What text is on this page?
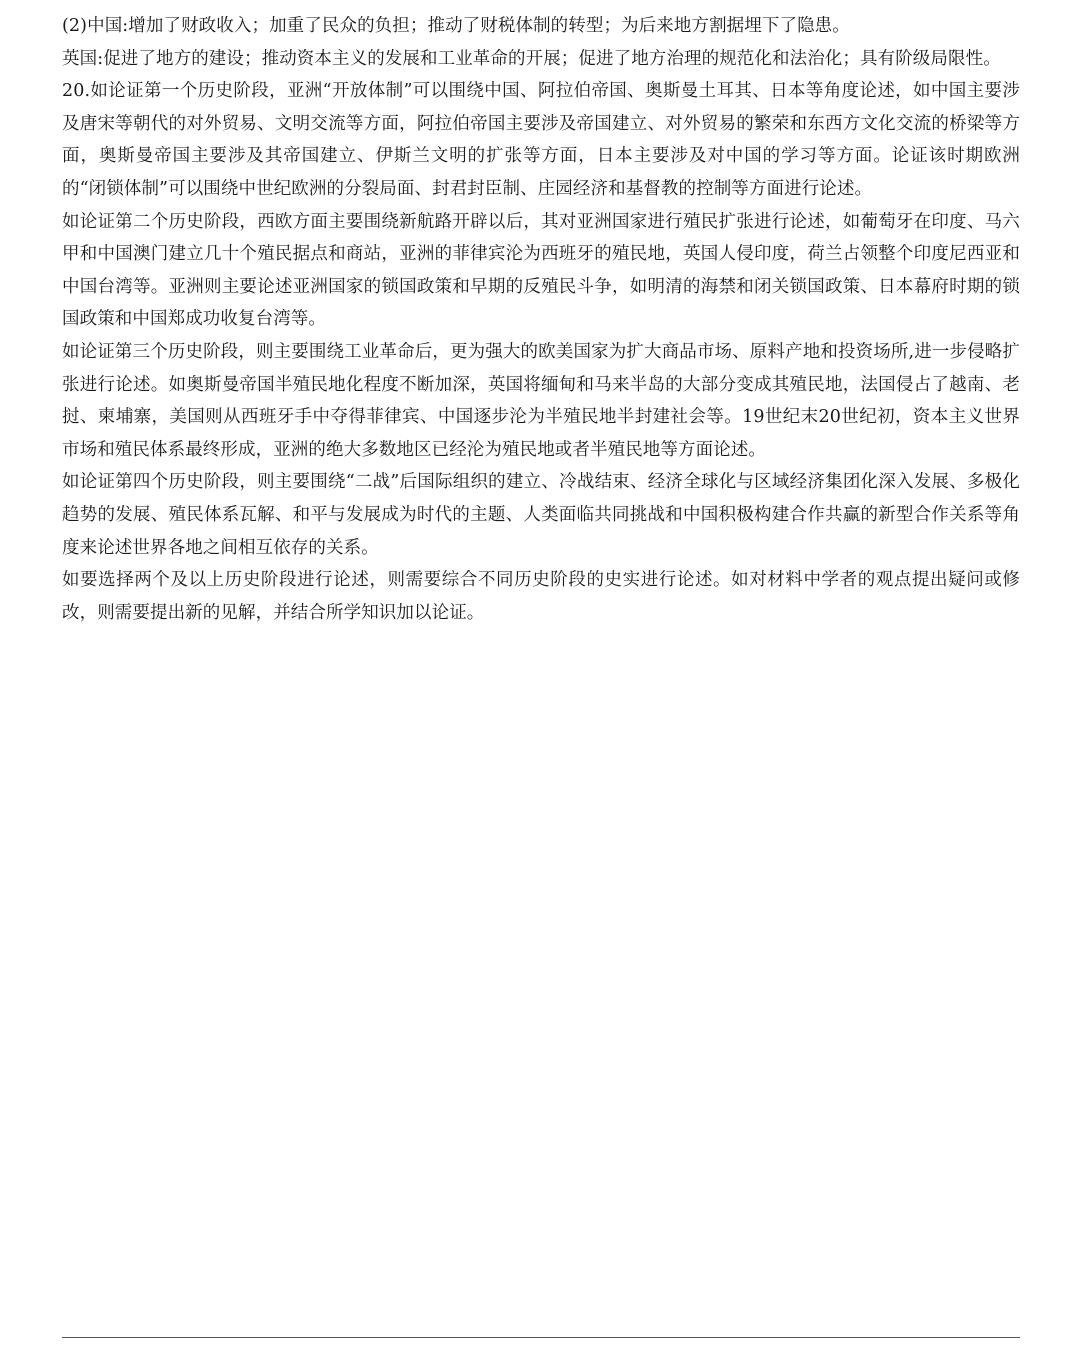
(2)中国:增加了财政收入；加重了民众的负担；推动了财税体制的转型；为后来地方割据埋下了隐患。

英国:促进了地方的建设；推动资本主义的发展和工业革命的开展；促进了地方治理的规范化和法治化；具有阶级局限性。

20.如论证第一个历史阶段，亚洲“开放体制”可以围绕中国、阿拉伯帝国、奥斯曼土耳其、日本等角度论述，如中国主要涉及唐宋等朝代的对外贸易、文明交流等方面，阿拉伯帝国主要涉及帝国建立、对外贸易的繁荣和东西方文化交流的桥梁等方面，奥斯曼帝国主要涉及其帝国建立、伊斯兰文明的扩张等方面，日本主要涉及对中国的学习等方面。论证该时期欧洲的“闭锁体制”可以围绕中世纪欧洲的分裂局面、封君封臣制、庄园经济和基督教的控制等方面进行论述。

如论证第二个历史阶段，西欧方面主要围绕新航路开辟以后，其对亚洲国家进行殖民扩张进行论述，如葡萄牙在印度、马六甲和中国澳门建立几十个殖民据点和商站，亚洲的菲律宾沦为西班牙的殖民地，英国人侵印度，荷兰占领整个印度尼西亚和中国台湾等。亚洲则主要论述亚洲国家的锁国政策和早期的反殖民斗争，如明清的海禁和闭关锁国政策、日本幕府时期的锁国政策和中国郑成功收复台湾等。

如论证第三个历史阶段，则主要围绕工业革命后，更为强大的欧美国家为扩大商品市场、原料产地和投资场所,进一步侵略扩张进行论述。如奥斯曼帝国半殖民地化程度不断加深，英国将缅甸和马来半岛的大部分变成其殖民地，法国侵占了越南、老挝、柬埔寨，美国则从西班牙手中夺得菲律宾、中国逐步沦为半殖民地半封建社会等。19世纪末20世纪初，资本主义世界市场和殖民体系最终形成，亚洲的绝大多数地区已经沦为殖民地或者半殖民地等方面论述。

如论证第四个历史阶段，则主要围绕“二战”后国际组织的建立、冷战结束、经济全球化与区域经济集团化深入发展、多极化趋势的发展、殖民体系瓦解、和平与发展成为时代的主题、人类面临共同挑战和中国积极构建合作共赢的新型合作关系等角度来论述世界各地之间相互依存的关系。

如要选择两个及以上历史阶段进行论述，则需要综合不同历史阶段的史实进行论述。如对材料中学者的观点提出疑问或修改，则需要提出新的见解，并结合所学知识加以论证。
